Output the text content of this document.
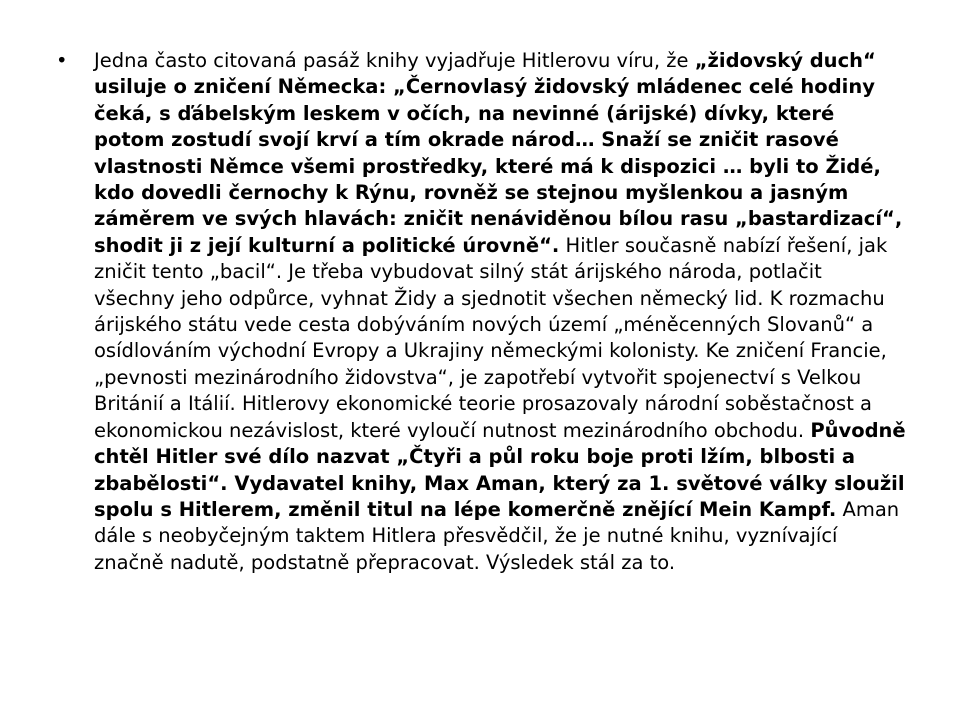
• Jedna často citovaná pasáž knihy vyjadřuje Hitlerovu víru, že „židovský duch“ usiluje o zničení Německa: „Černovlasý židovský mládenec celé hodiny čeká, s ďábelským leskem v očích, na nevinné (árijské) dívky, které potom zostudí svojí krví a tím okrade národ… Snaží se zničit rasové vlastnosti Němce všemi prostředky, které má k dispozici … byli to Židé, kdo dovedli černochy k Rýnu, rovněž se stejnou myšlenkou a jasným záměrem ve svých hlavách: zničit nenáviděnou bílou rasu „bastardizací“, shodit ji z její kulturní a politické úrovně“. Hitler současně nabízí řešení, jak zničit tento „bacil“. Je třeba vybudovat silný stát árijského národa, potlačit všechny jeho odpůrce, vyhnat Židy a sjednotit všechen německý lid. K rozmachu árijského státu vede cesta dobýváním nových území „méněcenných Slovanů“ a osídlováním východní Evropy a Ukrajiny německými kolonisty. Ke zničení Francie, „pevnosti mezinárodního židovstva“, je zapotřebí vytvořit spojenectví s Velkou Británií a Itálií. Hitlerovy ekonomické teorie prosazovaly národní soběstačnost a ekonomickou nezávislost, které vyloučí nutnost mezinárodního obchodu. Původně chtěl Hitler své dílo nazvat „Čtyři a půl roku boje proti lžím, blbosti a zbabělosti“. Vydavatel knihy, Max Aman, který za 1. světové války sloužil spolu s Hitlerem, změnil titul na lépe komerčně znějící Mein Kampf. Aman dále s neobyčejným taktem Hitlera přesvědčil, že je nutné knihu, vyznívající značně nadutě, podstatně přepracovat. Výsledek stál za to.
